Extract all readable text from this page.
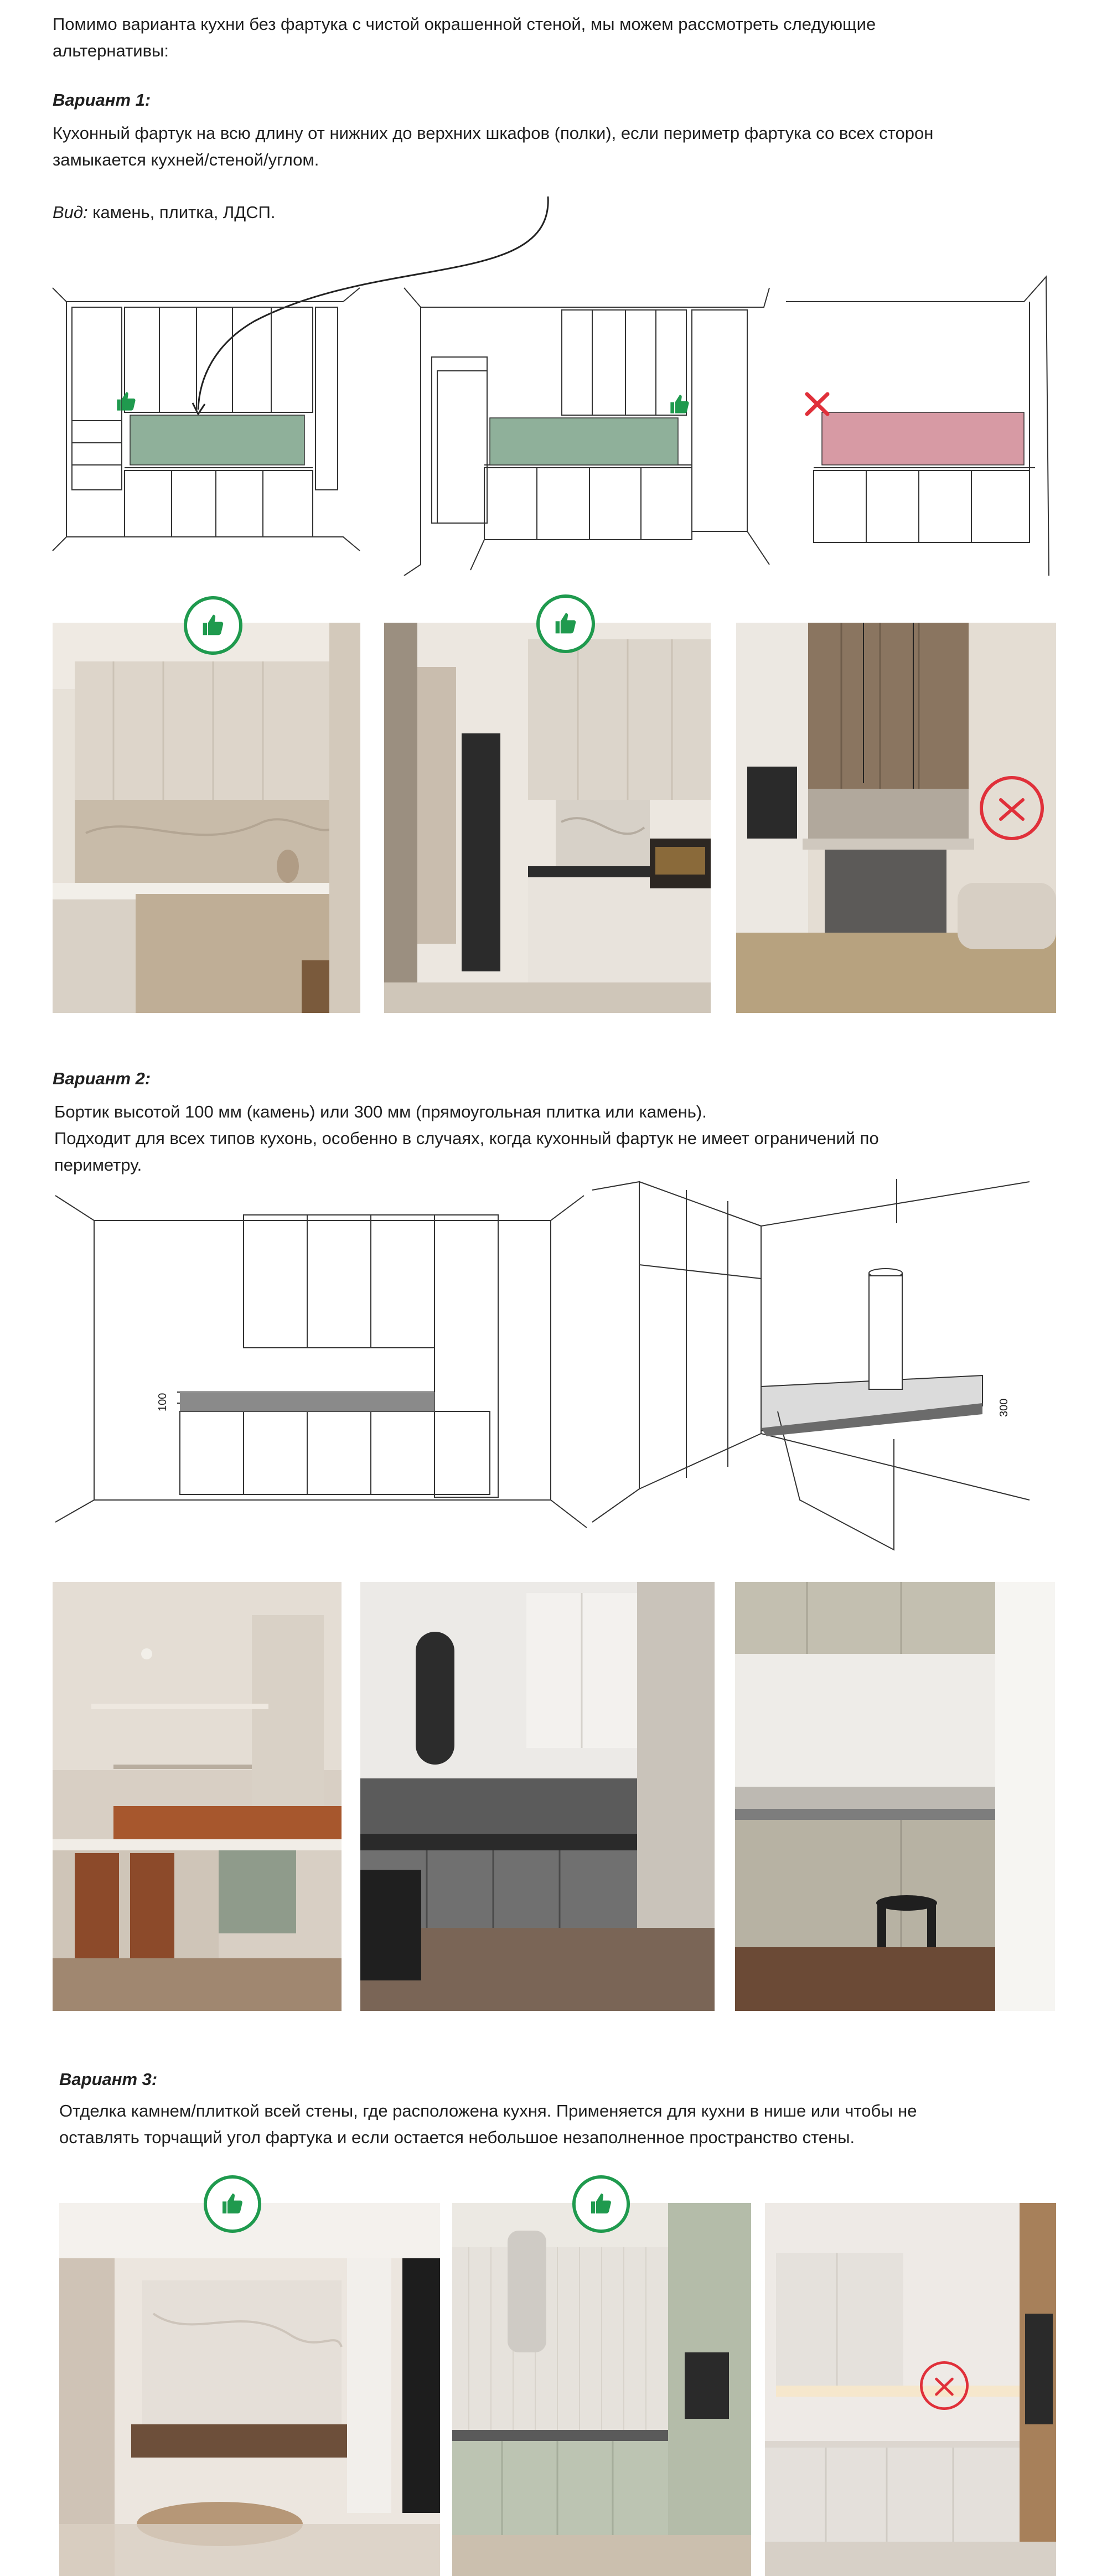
Помимо варианта кухни без фартука с чистой окрашенной стеной, мы можем рассмотреть следующие
альтернативы:
Вариант 1:
Кухонный фартук на всю длину от нижних до верхних шкафов (полки), если периметр фартука со всех сторон
замыкается кухней/стеной/углом.
Вид: камень, плитка, ЛДСП.
Вариант 2:
Бортик высотой 100 мм (камень) или 300 мм (прямоугольная плитка или камень).
Подходит для всех типов кухонь, особенно в случаях, когда кухонный фартук не имеет ограничений по
периметру.
100	300
Вариант 3:
Отделка камнем/плиткой всей стены, где расположена кухня. Применяется для кухни в нише или чтобы не
оставлять торчащий угол фартука и если остается небольшое незаполненное пространство стены.
